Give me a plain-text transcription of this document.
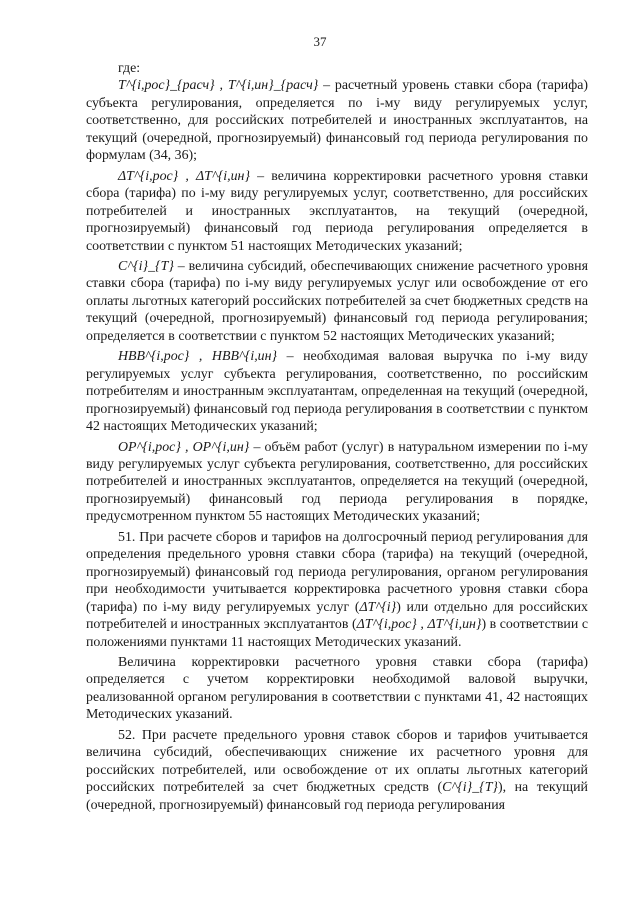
37

где:

T^{i,рос}_{расч} , T^{i,ин}_{расч} – расчетный уровень ставки сбора (тарифа) субъекта регулирования, определяется по i-му виду регулируемых услуг, соответственно, для российских потребителей и иностранных эксплуатантов, на текущий (очередной, прогнозируемый) финансовый год периода регулирования по формулам (34, 36);

ΔT^{i,рос} , ΔT^{i,ин} – величина корректировки расчетного уровня ставки сбора (тарифа) по i-му виду регулируемых услуг, соответственно, для российских потребителей и иностранных эксплуатантов, на текущий (очередной, прогнозируемый) финансовый год периода регулирования определяется в соответствии с пунктом 51 настоящих Методических указаний;

C^{i}_{T} – величина субсидий, обеспечивающих снижение расчетного уровня ставки сбора (тарифа) по i-му виду регулируемых услуг или освобождение от его оплаты льготных категорий российских потребителей за счет бюджетных средств на текущий (очередной, прогнозируемый) финансовый год периода регулирования; определяется в соответствии с пунктом 52 настоящих Методических указаний;

НВВ^{i,рос} , НВВ^{i,ин} – необходимая валовая выручка по i-му виду регулируемых услуг субъекта регулирования, соответственно, по российским потребителям и иностранным эксплуатантам, определенная на текущий (очередной, прогнозируемый) финансовый год периода регулирования в соответствии с пунктом 42 настоящих Методических указаний;

ОР^{i,рос} , ОР^{i,ин} – объём работ (услуг) в натуральном измерении по i-му виду регулируемых услуг субъекта регулирования, соответственно, для российских потребителей и иностранных эксплуатантов, определяется на текущий (очередной, прогнозируемый) финансовый год периода регулирования в порядке, предусмотренном пунктом 55 настоящих Методических указаний;

51. При расчете сборов и тарифов на долгосрочный период регулирования для определения предельного уровня ставки сбора (тарифа) на текущий (очередной, прогнозируемый) финансовый год периода регулирования, органом регулирования при необходимости учитывается корректировка расчетного уровня ставки сбора (тарифа) по i-му виду регулируемых услуг (ΔT^{i}) или отдельно для российских потребителей и иностранных эксплуатантов (ΔT^{i,рос} , ΔT^{i,ин}) в соответствии с положениями пунктами 11 настоящих Методических указаний.

Величина корректировки расчетного уровня ставки сбора (тарифа) определяется с учетом корректировки необходимой валовой выручки, реализованной органом регулирования в соответствии с пунктами 41, 42 настоящих Методических указаний.

52. При расчете предельного уровня ставок сборов и тарифов учитывается величина субсидий, обеспечивающих снижение их расчетного уровня для российских потребителей, или освобождение от их оплаты льготных категорий российских потребителей за счет бюджетных средств (C^{i}_{T}), на текущий (очередной, прогнозируемый) финансовый год периода регулирования
